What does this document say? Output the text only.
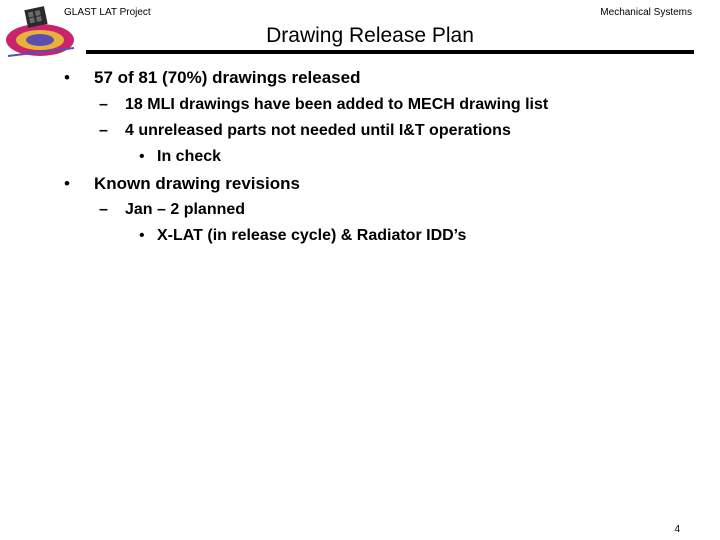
GLAST LAT Project	Mechanical Systems
Drawing Release Plan
• 57 of 81 (70%) drawings released
– 18 MLI drawings have been added to MECH drawing list
– 4 unreleased parts not needed until I&T operations
• In check
• Known drawing revisions
– Jan – 2 planned
• X-LAT (in release cycle) & Radiator IDD’s
4
